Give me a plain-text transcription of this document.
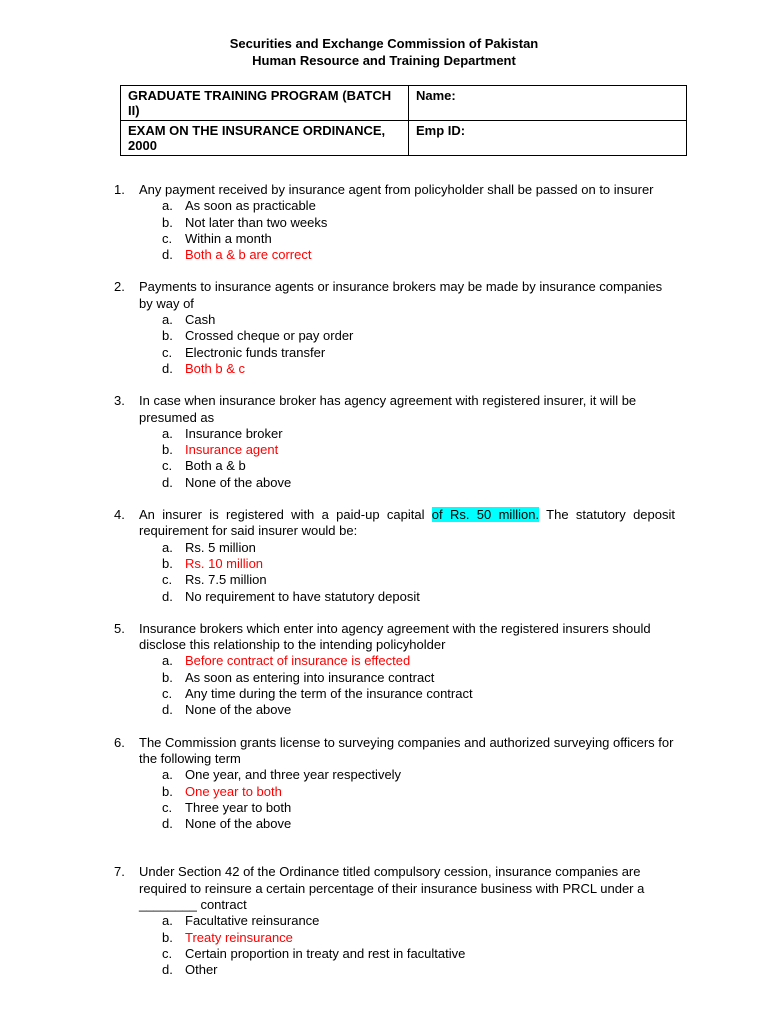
Securities and Exchange Commission of Pakistan
Human Resource and Training Department
GRADUATE TRAINING PROGRAM (BATCH II)	Name:
EXAM ON THE INSURANCE ORDINANCE, 2000	Emp ID:
1. Any payment received by insurance agent from policyholder shall be passed on to insurer
a. As soon as practicable
b. Not later than two weeks
c. Within a month
d. Both a & b are correct
2. Payments to insurance agents or insurance brokers may be made by insurance companies by way of
a. Cash
b. Crossed cheque or pay order
c. Electronic funds transfer
d. Both b & c
3. In case when insurance broker has agency agreement with registered insurer, it will be presumed as
a. Insurance broker
b. Insurance agent
c. Both a & b
d. None of the above
4. An insurer is registered with a paid-up capital of Rs. 50 million. The statutory deposit requirement for said insurer would be:
a. Rs. 5 million
b. Rs. 10 million
c. Rs. 7.5 million
d. No requirement to have statutory deposit
5. Insurance brokers which enter into agency agreement with the registered insurers should disclose this relationship to the intending policyholder
a. Before contract of insurance is effected
b. As soon as entering into insurance contract
c. Any time during the term of the insurance contract
d. None of the above
6. The Commission grants license to surveying companies and authorized surveying officers for the following term
a. One year, and three year respectively
b. One year to both
c. Three year to both
d. None of the above
7. Under Section 42 of the Ordinance titled compulsory cession, insurance companies are required to reinsure a certain percentage of their insurance business with PRCL under a ________ contract
a. Facultative reinsurance
b. Treaty reinsurance
c. Certain proportion in treaty and rest in facultative
d. Other
